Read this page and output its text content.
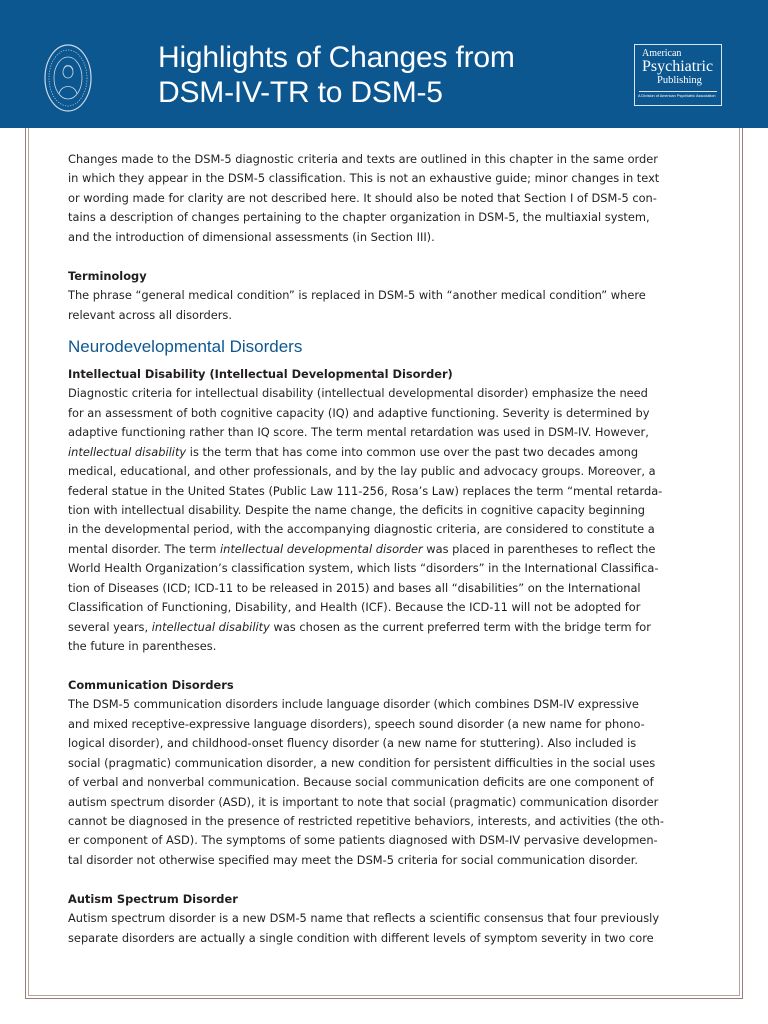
Highlights of Changes from
DSM-IV-TR to DSM-5
American
Psychiatric
Publishing
A Division of American Psychiatric Association
Changes made to the DSM-5 diagnostic criteria and texts are outlined in this chapter in the same order
in which they appear in the DSM-5 classification. This is not an exhaustive guide; minor changes in text
or wording made for clarity are not described here. It should also be noted that Section I of DSM-5 con-
tains a description of changes pertaining to the chapter organization in DSM-5, the multiaxial system,
and the introduction of dimensional assessments (in Section III).
Terminology
The phrase “general medical condition” is replaced in DSM-5 with “another medical condition” where
relevant across all disorders.
Neurodevelopmental Disorders
Intellectual Disability (Intellectual Developmental Disorder)
Diagnostic criteria for intellectual disability (intellectual developmental disorder) emphasize the need
for an assessment of both cognitive capacity (IQ) and adaptive functioning. Severity is determined by
adaptive functioning rather than IQ score. The term mental retardation was used in DSM-IV. However,
intellectual disability is the term that has come into common use over the past two decades among
medical, educational, and other professionals, and by the lay public and advocacy groups. Moreover, a
federal statue in the United States (Public Law 111-256, Rosa’s Law) replaces the term “mental retarda-
tion with intellectual disability. Despite the name change, the deficits in cognitive capacity beginning
in the developmental period, with the accompanying diagnostic criteria, are considered to constitute a
mental disorder. The term intellectual developmental disorder was placed in parentheses to reflect the
World Health Organization’s classification system, which lists “disorders” in the International Classifica-
tion of Diseases (ICD; ICD-11 to be released in 2015) and bases all “disabilities” on the International
Classification of Functioning, Disability, and Health (ICF). Because the ICD-11 will not be adopted for
several years, intellectual disability was chosen as the current preferred term with the bridge term for
the future in parentheses.
Communication Disorders
The DSM-5 communication disorders include language disorder (which combines DSM-IV expressive
and mixed receptive-expressive language disorders), speech sound disorder (a new name for phono-
logical disorder), and childhood-onset fluency disorder (a new name for stuttering). Also included is
social (pragmatic) communication disorder, a new condition for persistent difficulties in the social uses
of verbal and nonverbal communication. Because social communication deficits are one component of
autism spectrum disorder (ASD), it is important to note that social (pragmatic) communication disorder
cannot be diagnosed in the presence of restricted repetitive behaviors, interests, and activities (the oth-
er component of ASD). The symptoms of some patients diagnosed with DSM-IV pervasive developmen-
tal disorder not otherwise specified may meet the DSM-5 criteria for social communication disorder.
Autism Spectrum Disorder
Autism spectrum disorder is a new DSM-5 name that reflects a scientific consensus that four previously
separate disorders are actually a single condition with different levels of symptom severity in two core
